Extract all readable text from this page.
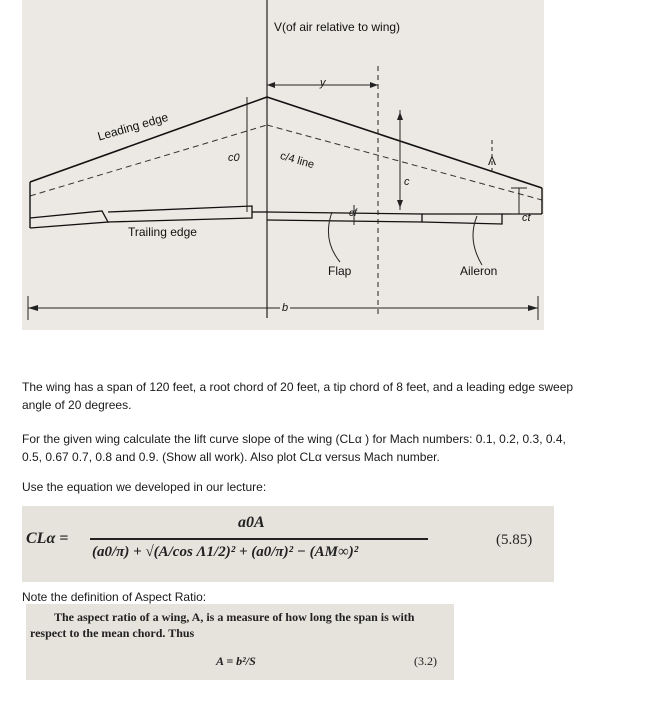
V(of air relative to wing)
y
Leading edge
c0	c/4 line	Λ
c
ct
cf
Trailing edge
Flap	Aileron
b
The wing has a span of 120 feet, a root chord of 20 feet, a tip chord of 8 feet, and a leading edge sweep
angle of 20 degrees.
For the given wing calculate the lift curve slope of the wing (CLα ) for Mach numbers: 0.1, 0.2, 0.3, 0.4,
0.5, 0.67 0.7, 0.8 and 0.9. (Show all work). Also plot CLα versus Mach number.
Use the equation we developed in our lecture:
CLα =
a0A
(a0/π) + √(A/cos Λ1/2)² + (a0/π)² − (AM∞)²
(5.85)
Note the definition of Aspect Ratio:
The aspect ratio of a wing, A, is a measure of how long the span is with
respect to the mean chord. Thus
A = b²/S	(3.2)
